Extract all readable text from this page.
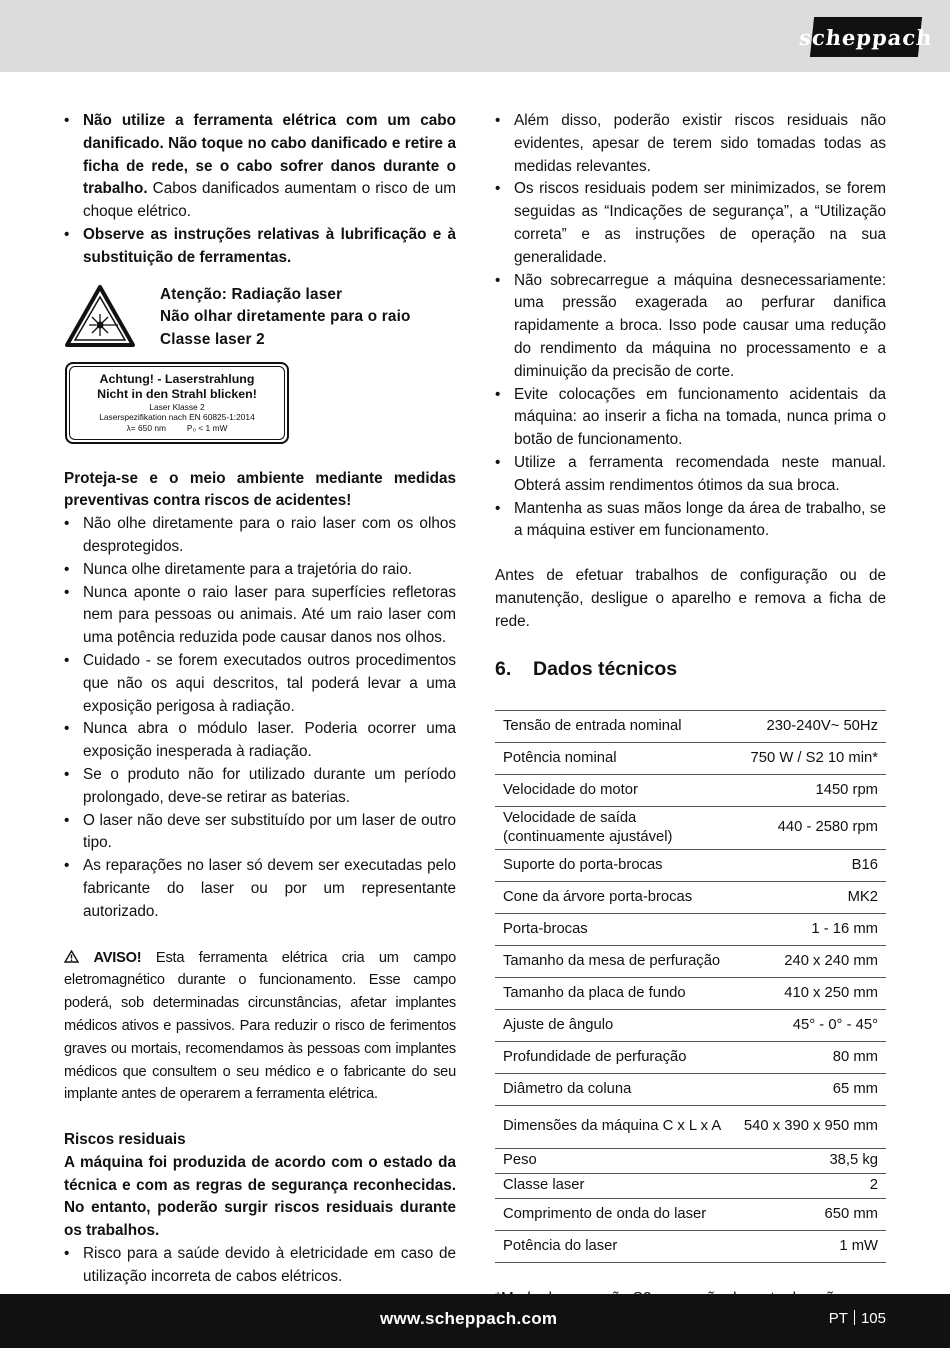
scheppach
• Não utilize a ferramenta elétrica com um cabo danificado. Não toque no cabo danificado e retire a ficha de rede, se o cabo sofrer danos durante o trabalho. Cabos danificados aumentam o risco de um choque elétrico.
• Observe as instruções relativas à lubrificação e à substituição de ferramentas.
Atenção: Radiação laser
Não olhar diretamente para o raio
Classe laser 2
Achtung! - Laserstrahlung
Nicht in den Strahl blicken!
Laser Klasse 2
Laserspezifikation nach EN 60825-1:2014
λ= 650 nm         P₀ < 1 mW
Proteja-se e o meio ambiente mediante medidas preventivas contra riscos de acidentes!
• Não olhe diretamente para o raio laser com os olhos desprotegidos.
• Nunca olhe diretamente para a trajetória do raio.
• Nunca aponte o raio laser para superfícies refletoras nem para pessoas ou animais. Até um raio laser com uma potência reduzida pode causar danos nos olhos.
• Cuidado - se forem executados outros procedimentos que não os aqui descritos, tal poderá levar a uma exposição perigosa à radiação.
• Nunca abra o módulo laser. Poderia ocorrer uma exposição inesperada à radiação.
• Se o produto não for utilizado durante um período prolongado, deve-se retirar as baterias.
• O laser não deve ser substituído por um laser de outro tipo.
• As reparações no laser só devem ser executadas pelo fabricante do laser ou por um representante autorizado.
AVISO! Esta ferramenta elétrica cria um campo eletromagnético durante o funcionamento. Esse campo poderá, sob determinadas circunstâncias, afetar implantes médicos ativos e passivos. Para reduzir o risco de ferimentos graves ou mortais, recomendamos às pessoas com implantes médicos que consultem o seu médico e o fabricante do seu implante antes de operarem a ferramenta elétrica.
Riscos residuais
A máquina foi produzida de acordo com o estado da técnica e com as regras de segurança reconhecidas. No entanto, poderão surgir riscos residuais durante os trabalhos.
• Risco para a saúde devido à eletricidade em caso de utilização incorreta de cabos elétricos.
• Além disso, poderão existir riscos residuais não evidentes, apesar de terem sido tomadas todas as medidas relevantes.
• Os riscos residuais podem ser minimizados, se forem seguidas as “Indicações de segurança”, a “Utilização correta” e as instruções de operação na sua generalidade.
• Não sobrecarregue a máquina desnecessariamente: uma pressão exagerada ao perfurar danifica rapidamente a broca. Isso pode causar uma redução do rendimento da máquina no processamento e a diminuição da precisão de corte.
• Evite colocações em funcionamento acidentais da máquina: ao inserir a ficha na tomada, nunca prima o botão de funcionamento.
• Utilize a ferramenta recomendada neste manual. Obterá assim rendimentos ótimos da sua broca.
• Mantenha as suas mãos longe da área de trabalho, se a máquina estiver em funcionamento.
Antes de efetuar trabalhos de configuração ou de manutenção, desligue o aparelho e remova a ficha de rede.
6. Dados técnicos
Tensão de entrada nominal	230-240V~ 50Hz
Potência nominal	750 W / S2 10 min*
Velocidade do motor	1450 rpm
Velocidade de saída (continuamente ajustável)	440 - 2580 rpm
Suporte do porta-brocas	B16
Cone da árvore porta-brocas	MK2
Porta-brocas	1 - 16 mm
Tamanho da mesa de perfuração	240 x 240 mm
Tamanho da placa de fundo	410 x 250 mm
Ajuste de ângulo	45° - 0° - 45°
Profundidade de perfuração	80 mm
Diâmetro da coluna	65 mm
Dimensões da máquina C x L x A	540 x 390 x 950 mm
Peso	38,5 kg
Classe laser	2
Comprimento de onda do laser	650 mm
Potência do laser	1 mW
www.scheppach.com	PT 105
